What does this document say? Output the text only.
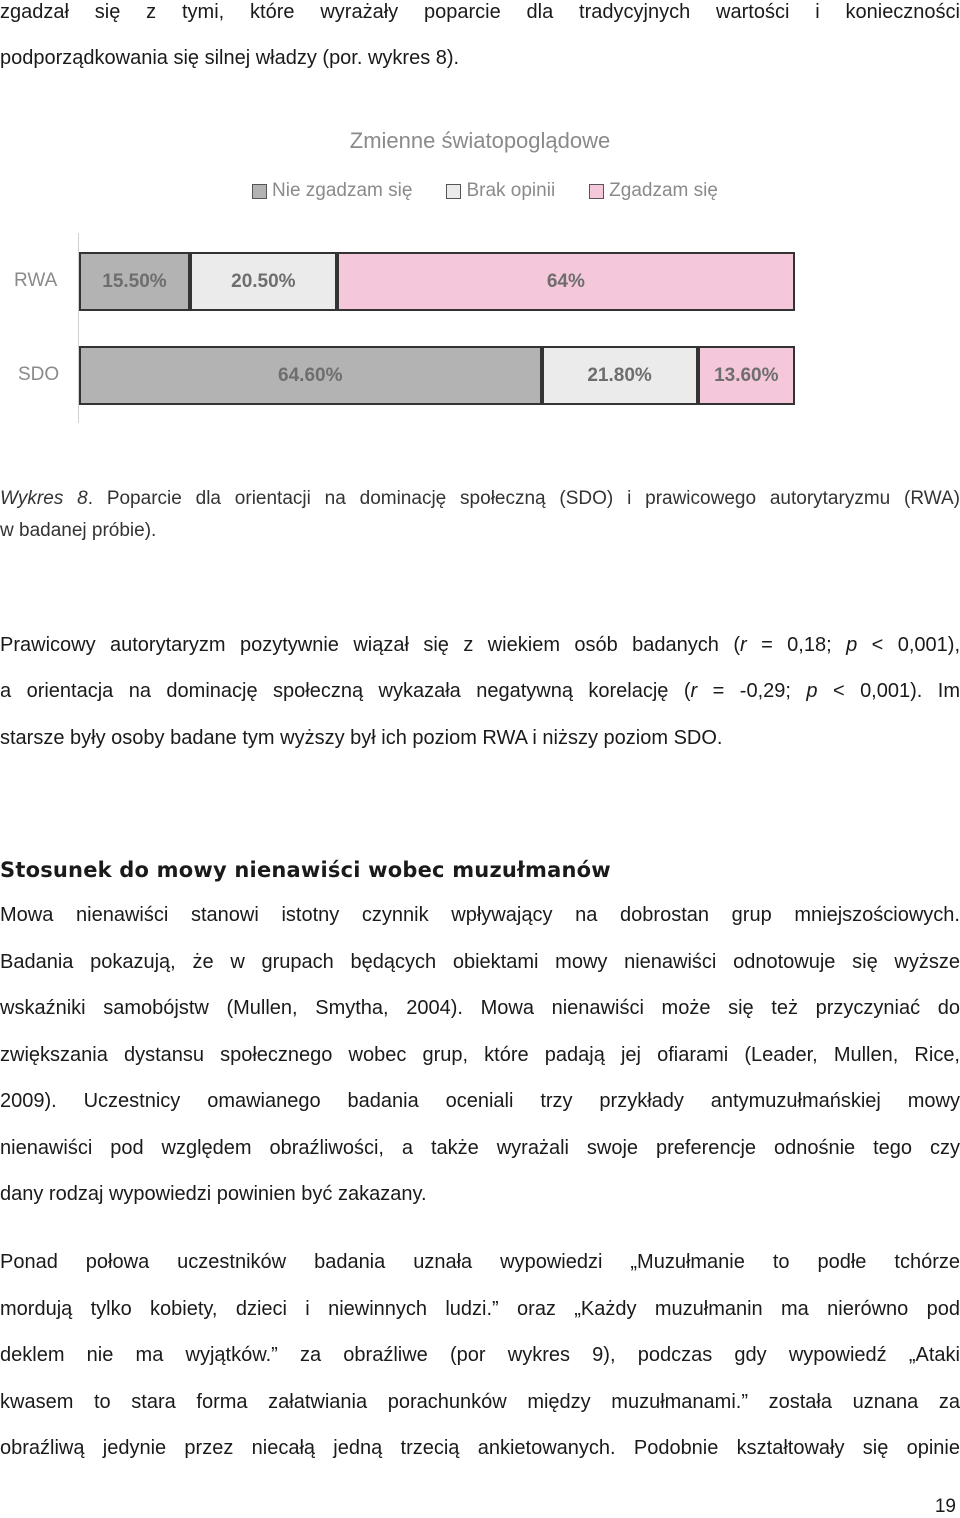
zgadzał się z tymi, które wyrażały poparcie dla tradycyjnych wartości i konieczności
podporządkowania się silnej władzy (por. wykres 8).
Zmienne światopoglądowe
Nie zgadzam się	Brak opinii	Zgadzam się
RWA
SDO
15.50%	20.50%	64%
64.60%	21.80%	13.60%
Wykres 8. Poparcie dla orientacji na dominację społeczną (SDO) i prawicowego autorytaryzmu (RWA)
w badanej próbie).
Prawicowy autorytaryzm pozytywnie wiązał się z wiekiem osób badanych (r = 0,18; p < 0,001),
a orientacja na dominację społeczną wykazała negatywną korelację (r = -0,29; p < 0,001). Im
starsze były osoby badane tym wyższy był ich poziom RWA i niższy poziom SDO.
Stosunek do mowy nienawiści wobec muzułmanów
Mowa nienawiści stanowi istotny czynnik wpływający na dobrostan grup mniejszościowych.
Badania pokazują, że w grupach będących obiektami mowy nienawiści odnotowuje się wyższe
wskaźniki samobójstw (Mullen, Smytha, 2004). Mowa nienawiści może się też przyczyniać do
zwiększania dystansu społecznego wobec grup, które padają jej ofiarami (Leader, Mullen, Rice,
2009). Uczestnicy omawianego badania oceniali trzy przykłady antymuzułmańskiej mowy
nienawiści pod względem obraźliwości, a także wyrażali swoje preferencje odnośnie tego czy
dany rodzaj wypowiedzi powinien być zakazany.
Ponad połowa uczestników badania uznała wypowiedzi „Muzułmanie to podłe tchórze
mordują tylko kobiety, dzieci i niewinnych ludzi.” oraz „Każdy muzułmanin ma nierówno pod
deklem nie ma wyjątków.” za obraźliwe (por wykres 9), podczas gdy wypowiedź „Ataki
kwasem to stara forma załatwiania porachunków między muzułmanami.” została uznana za
obraźliwą jedynie przez niecałą jedną trzecią ankietowanych. Podobnie kształtowały się opinie
19
